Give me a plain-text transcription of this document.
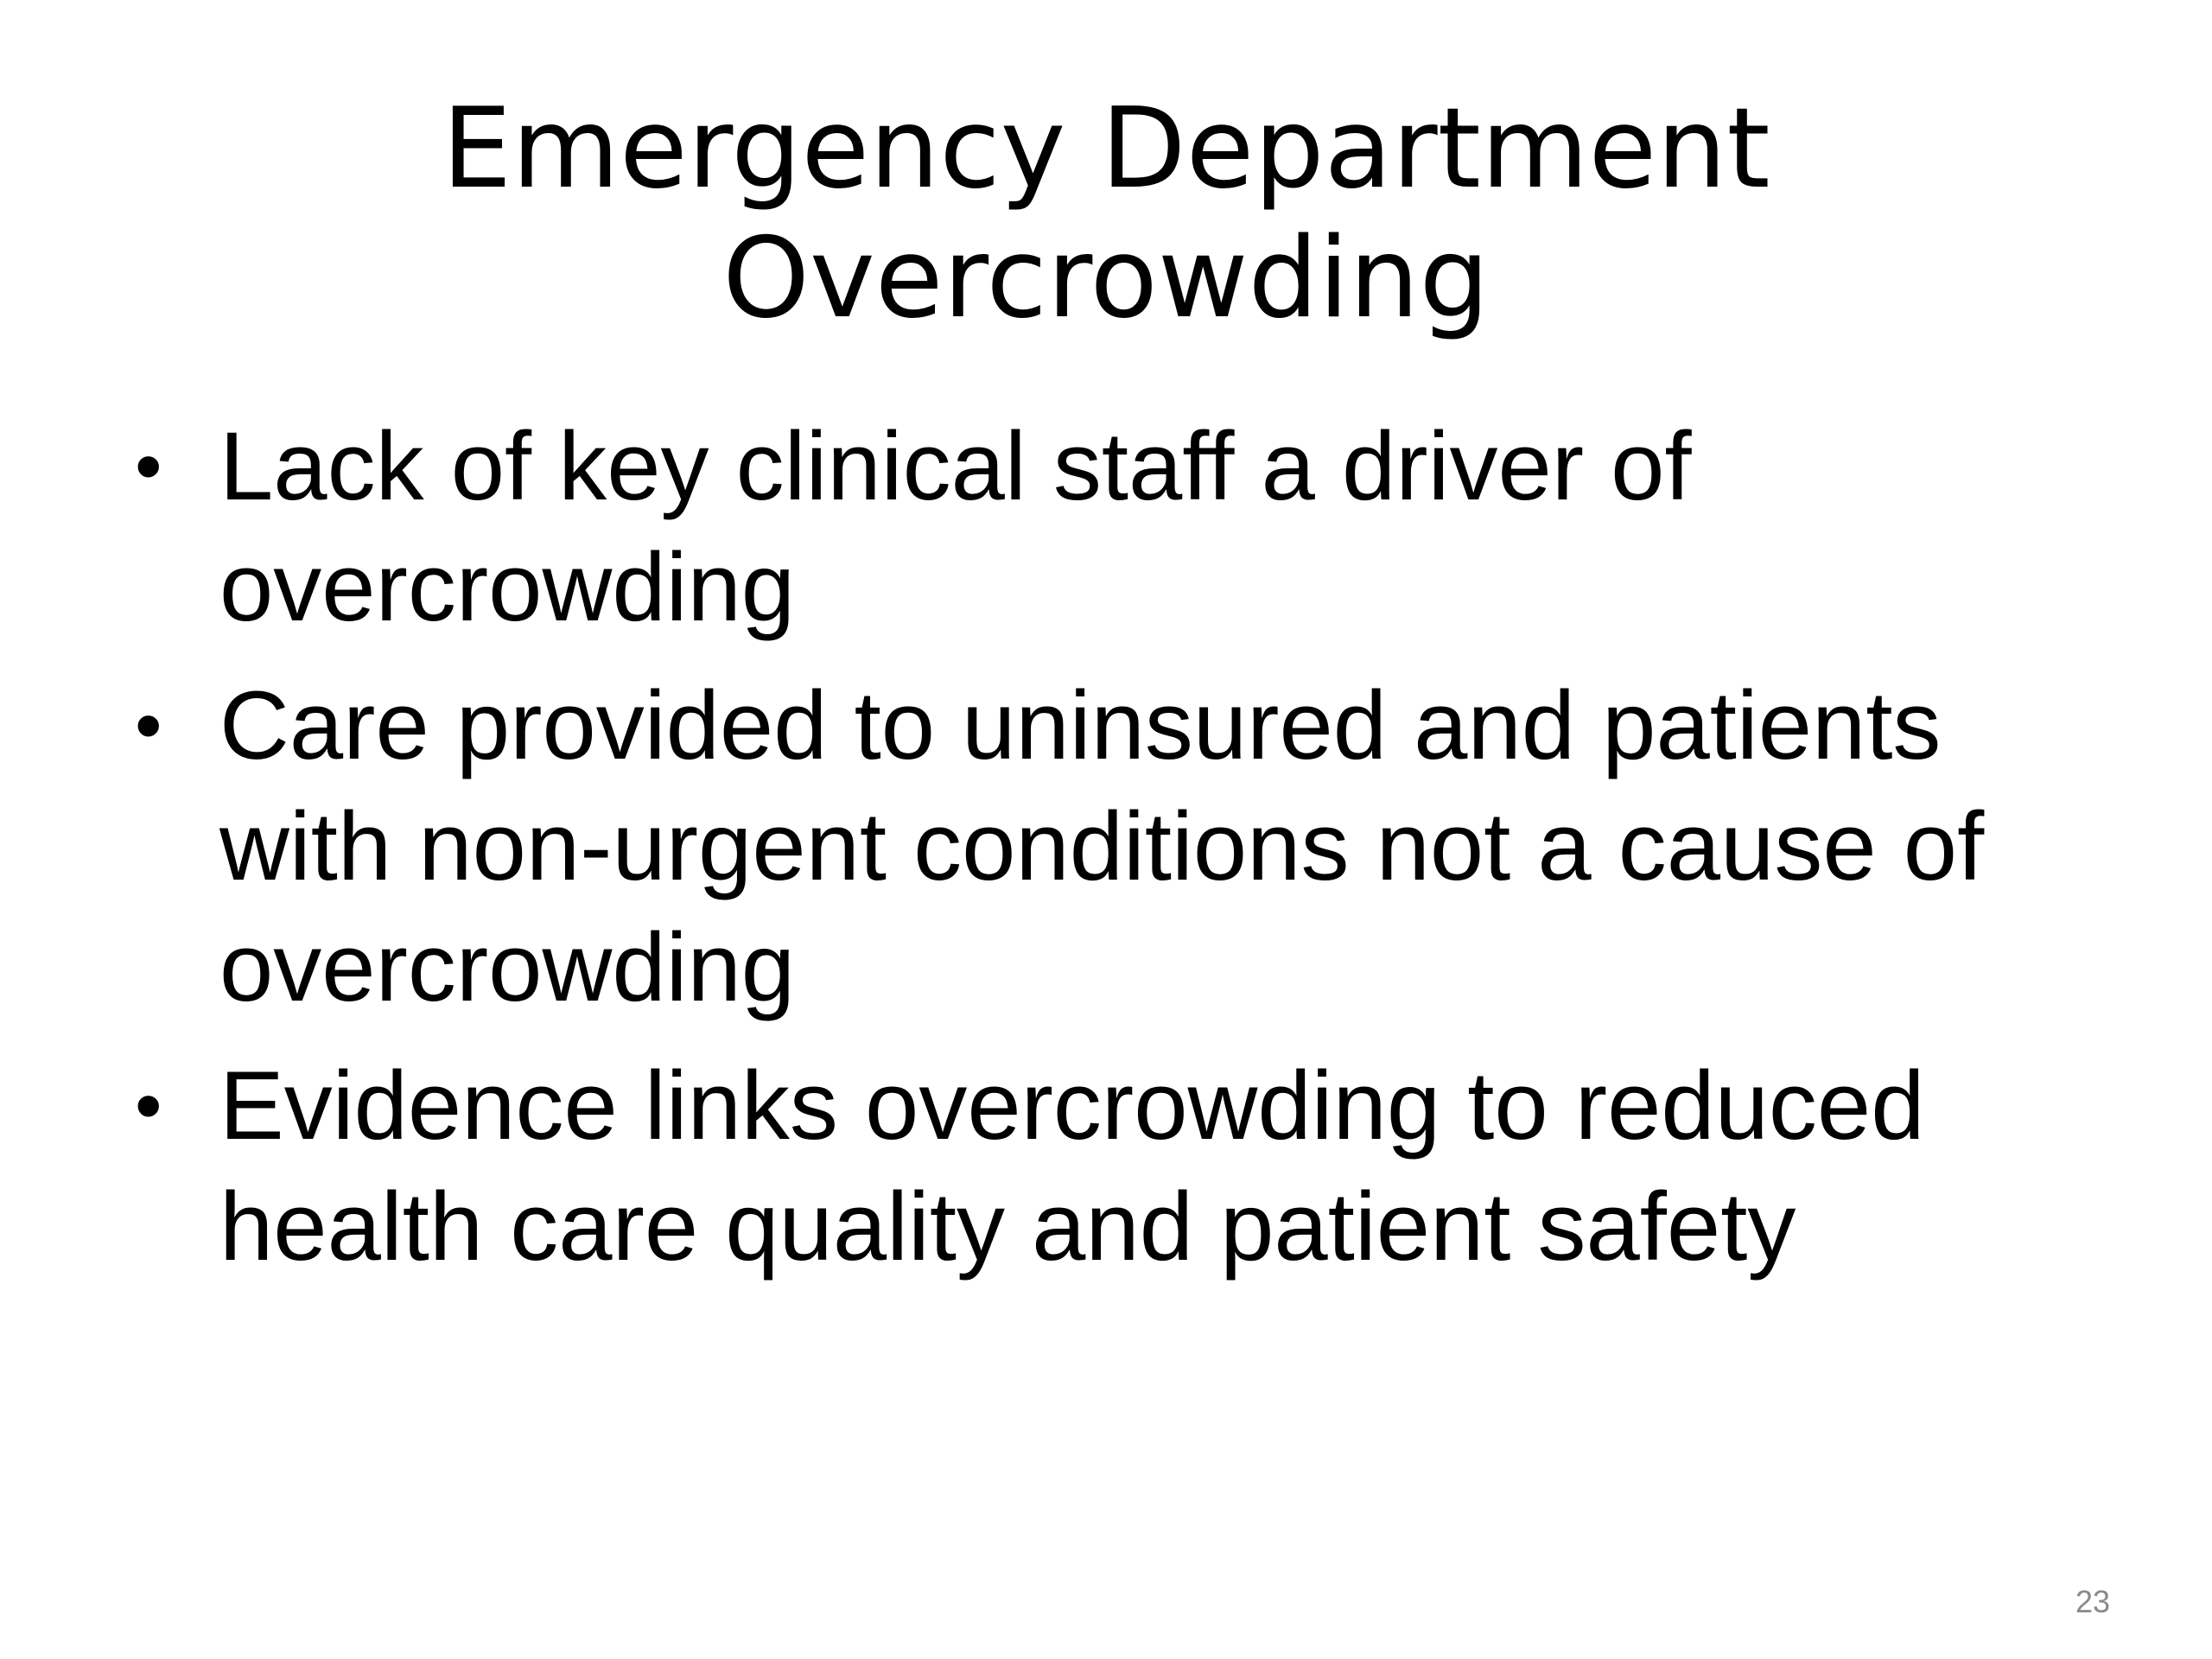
Emergency Department
Overcrowding
• Lack of key clinical staff a driver of overcrowding
• Care provided to uninsured and patients with non-urgent conditions not a cause of overcrowding
• Evidence links overcrowding to reduced health care quality and patient safety
23
